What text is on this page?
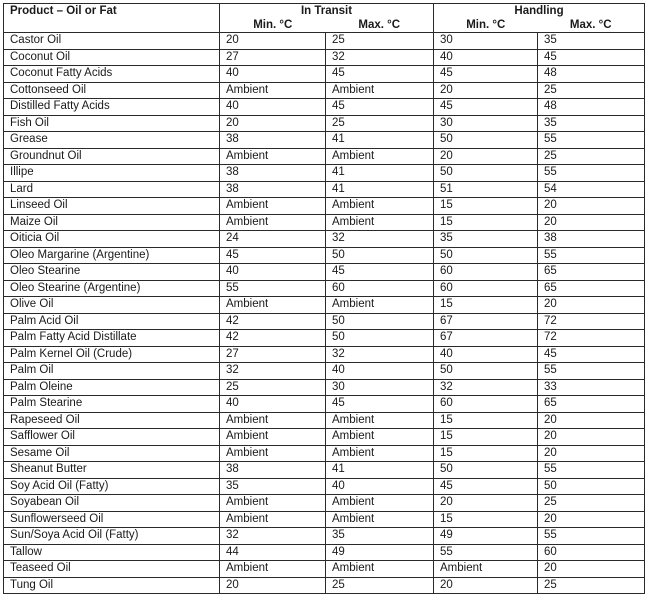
Product – Oil or Fat	In Transit		Handling	
	Min. °C	Max. °C	Min. °C	Max. °C
Castor Oil	20	25	30	35
Coconut Oil	27	32	40	45
Coconut Fatty Acids	40	45	45	48
Cottonseed Oil	Ambient	Ambient	20	25
Distilled Fatty Acids	40	45	45	48
Fish Oil	20	25	30	35
Grease	38	41	50	55
Groundnut Oil	Ambient	Ambient	20	25
Illipe	38	41	50	55
Lard	38	41	51	54
Linseed Oil	Ambient	Ambient	15	20
Maize Oil	Ambient	Ambient	15	20
Oiticia Oil	24	32	35	38
Oleo Margarine (Argentine)	45	50	50	55
Oleo Stearine	40	45	60	65
Oleo Stearine (Argentine)	55	60	60	65
Olive Oil	Ambient	Ambient	15	20
Palm Acid Oil	42	50	67	72
Palm Fatty Acid Distillate	42	50	67	72
Palm Kernel Oil (Crude)	27	32	40	45
Palm Oil	32	40	50	55
Palm Oleine	25	30	32	33
Palm Stearine	40	45	60	65
Rapeseed Oil	Ambient	Ambient	15	20
Safflower Oil	Ambient	Ambient	15	20
Sesame Oil	Ambient	Ambient	15	20
Sheanut Butter	38	41	50	55
Soy Acid Oil (Fatty)	35	40	45	50
Soyabean Oil	Ambient	Ambient	20	25
Sunflowerseed Oil	Ambient	Ambient	15	20
Sun/Soya Acid Oil (Fatty)	32	35	49	55
Tallow	44	49	55	60
Teaseed Oil	Ambient	Ambient	Ambient	20
Tung Oil	20	25	20	25
